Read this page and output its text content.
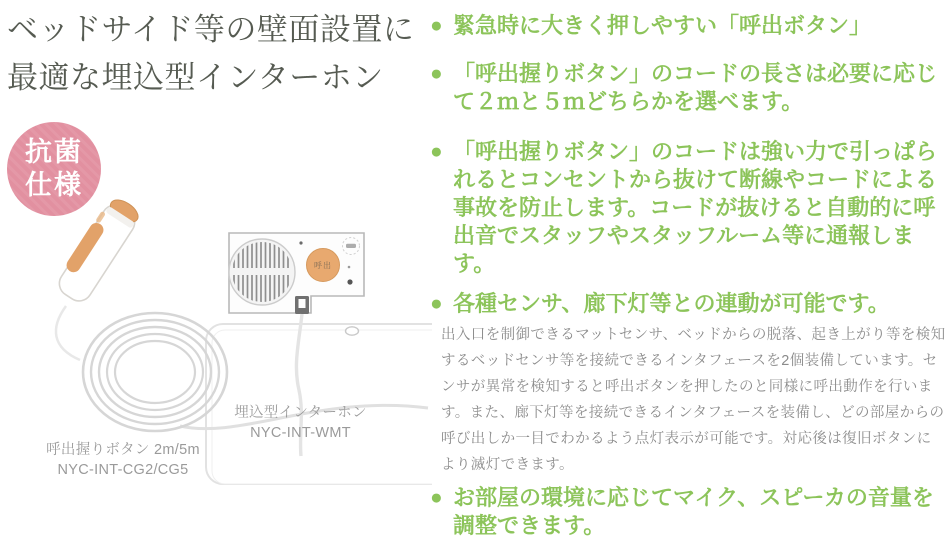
ベッドサイド等の壁面設置に
最適な埋込型インターホン
抗菌
仕様
呼出
埋込型インターホン
NYC-INT-WMT
呼出握りボタン 2m/5m
NYC-INT-CG2/CG5
● 緊急時に大きく押しやすい「呼出ボタン」
● 「呼出握りボタン」のコードの長さは必要に応じて２ｍと５ｍどちらかを選べます。
● 「呼出握りボタン」のコードは強い力で引っぱられるとコンセントから抜けて断線やコードによる事故を防止します。コードが抜けると自動的に呼出音でスタッフやスタッフルーム等に通報します。
● 各種センサ、廊下灯等との連動が可能です。
出入口を制御できるマットセンサ、ベッドからの脱落、起き上がり等を検知するベッドセンサ等を接続できるインタフェースを2個装備しています。センサが異常を検知すると呼出ボタンを押したのと同様に呼出動作を行います。また、廊下灯等を接続できるインタフェースを装備し、どの部屋からの呼び出しか一目でわかるよう点灯表示が可能です。対応後は復旧ボタンにより滅灯できます。
● お部屋の環境に応じてマイク、スピーカの音量を調整できます。
